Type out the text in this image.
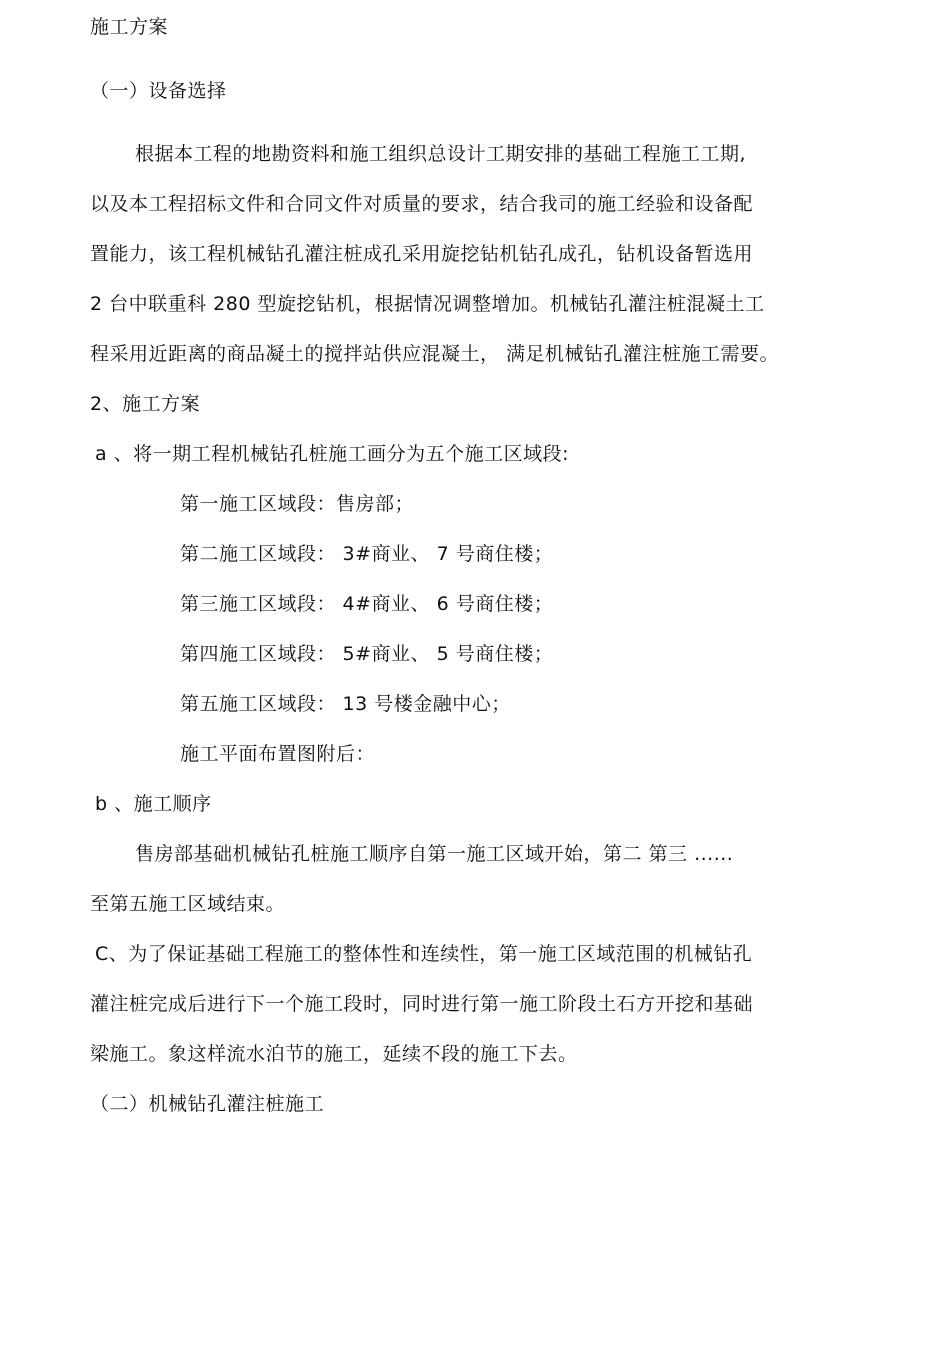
施工方案
（一）设备选择
根据本工程的地勘资料和施工组织总设计工期安排的基础工程施工工期,
以及本工程招标文件和合同文件对质量的要求，结合我司的施工经验和设备配
置能力，该工程机械钻孔灌注桩成孔采用旋挖钻机钻孔成孔，钻机设备暂选用
2 台中联重科 280 型旋挖钻机，根据情况调整增加。机械钻孔灌注桩混凝土工
程采用近距离的商品凝土的搅拌站供应混凝土， 满足机械钻孔灌注桩施工需要。
2、施工方案
a 、将一期工程机械钻孔桩施工画分为五个施工区域段:
第一施工区域段：售房部；
第二施工区域段： 3#商业、 7 号商住楼；
第三施工区域段： 4#商业、 6 号商住楼；
第四施工区域段： 5#商业、 5 号商住楼；
第五施工区域段： 13 号楼金融中心；
施工平面布置图附后：
b 、施工顺序
售房部基础机械钻孔桩施工顺序自第一施工区域开始，第二 第三 ......
至第五施工区域结束。
C、为了保证基础工程施工的整体性和连续性，第一施工区域范围的机械钻孔
灌注桩完成后进行下一个施工段时，同时进行第一施工阶段土石方开挖和基础
梁施工。象这样流水泊节的施工，延续不段的施工下去。
（二）机械钻孔灌注桩施工
